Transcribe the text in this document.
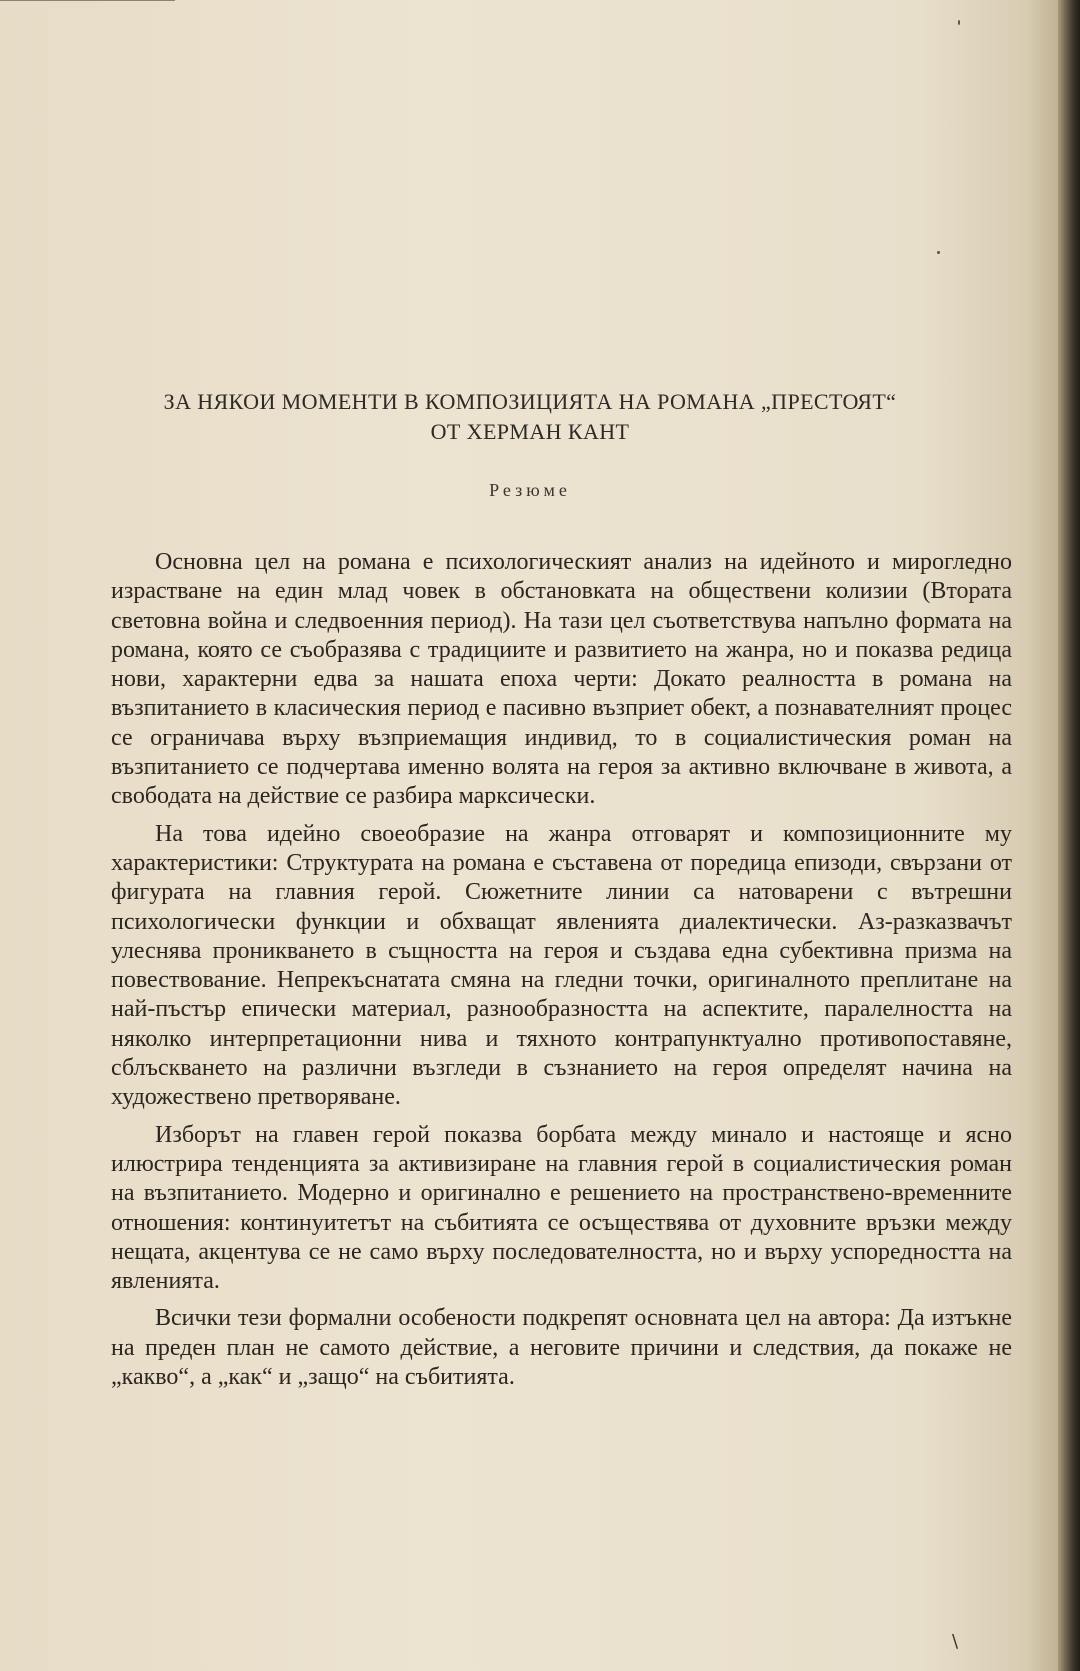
ЗА НЯКОИ МОМЕНТИ В КОМПОЗИЦИЯТА НА РОМАНА „ПРЕСТОЯТ“
ОТ ХЕРМАН КАНТ
Резюме

Основна цел на романа е психологическият анализ на идейното и мирогледно израстване на един млад човек в обстановката на обществени колизии (Втората световна война и следвоенния период). На тази цел съответствува напълно формата на романа, която се съобразява с традициите и развитието на жанра, но и показва редица нови, характерни едва за нашата епоха черти: Докато реалността в романа на възпитанието в класическия период е пасивно възприет обект, а познавателният процес се ограничава върху възприемащия индивид, то в социалистическия роман на възпитанието се подчертава именно волята на героя за активно включване в живота, а свободата на действие се разбира марксически.

На това идейно своеобразие на жанра отговарят и композиционните му характеристики: Структурата на романа е съставена от поредица епизоди, свързани от фигурата на главния герой. Сюжетните линии са натоварени с вътрешни психологически функции и обхващат явленията диалектически. Аз-разказвачът улеснява проникването в същността на героя и създава една субективна призма на повествование. Непрекъснатата смяна на гледни точки, оригиналното преплитане на най-пъстър епически материал, разнообразността на аспектите, паралелността на няколко интерпретационни нива и тяхното контрапунктуално противопоставяне, сблъскването на различни възгледи в съзнанието на героя определят начина на художествено претворяване.

Изборът на главен герой показва борбата между минало и настояще и ясно илюстрира тенденцията за активизиране на главния герой в социалистическия роман на възпитанието. Модерно и оригинално е решението на пространствено-временните отношения: континуитетът на събитията се осъществява от духовните връзки между нещата, акцентува се не само върху последователността, но и върху успоредността на явленията.

Всички тези формални особености подкрепят основната цел на автора: Да изтъкне на преден план не самото действие, а неговите причини и следствия, да покаже не „какво“, а „как“ и „защо“ на събитията.

\
